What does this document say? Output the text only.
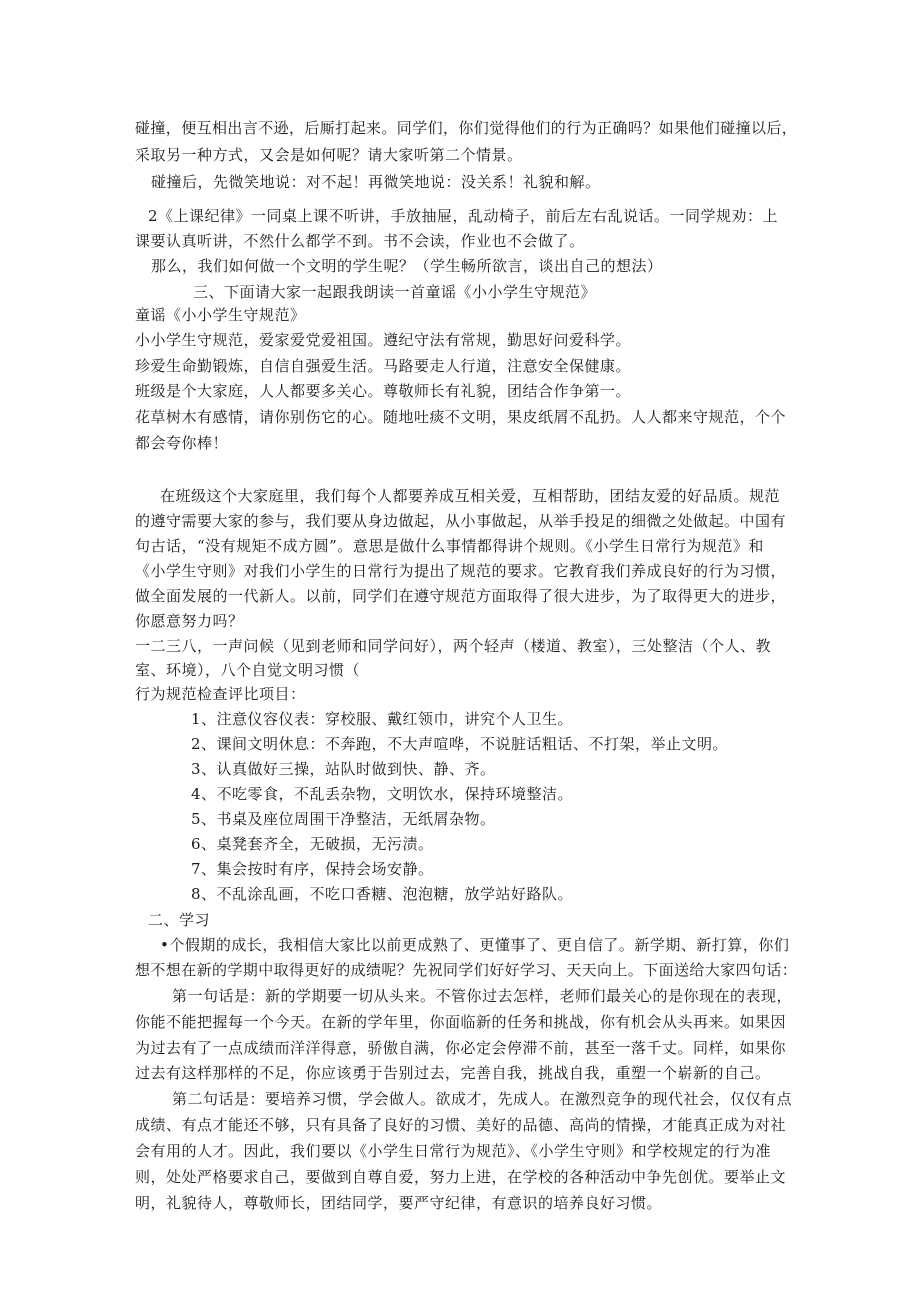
碰撞，便互相出言不逊，后厮打起来。同学们，你们觉得他们的行为正确吗？如果他们碰撞以后，
采取另一种方式，又会是如何呢？请大家听第二个情景。
碰撞后，先微笑地说：对不起！再微笑地说：没关系！礼貌和解。
2《上课纪律》一同桌上课不听讲，手放抽屉，乱动椅子，前后左右乱说话。一同学规劝：上
课要认真听讲，不然什么都学不到。书不会读，作业也不会做了。
那么，我们如何做一个文明的学生呢？（学生畅所欲言，谈出自己的想法）
三、下面请大家一起跟我朗读一首童谣《小小学生守规范》
童谣《小小学生守规范》
小小学生守规范，爱家爱党爱祖国。遵纪守法有常规，勤思好问爱科学。
珍爱生命勤锻炼，自信自强爱生活。马路要走人行道，注意安全保健康。
班级是个大家庭，人人都要多关心。尊敬师长有礼貌，团结合作争第一。
花草树木有感情，请你别伤它的心。随地吐痰不文明，果皮纸屑不乱扔。人人都来守规范，个个
都会夸你棒！
在班级这个大家庭里，我们每个人都要养成互相关爱，互相帮助，团结友爱的好品质。规范
的遵守需要大家的参与，我们要从身边做起，从小事做起，从举手投足的细微之处做起。中国有
句古话，“没有规矩不成方圆”。意思是做什么事情都得讲个规则。《小学生日常行为规范》和
《小学生守则》对我们小学生的日常行为提出了规范的要求。它教育我们养成良好的行为习惯，
做全面发展的一代新人。以前，同学们在遵守规范方面取得了很大进步，为了取得更大的进步，
你愿意努力吗？
一二三八，一声问候（见到老师和同学问好），两个轻声（楼道、教室），三处整洁（个人、教
室、环境），八个自觉文明习惯（
行为规范检查评比项目：
1、注意仪容仪表：穿校服、戴红领巾，讲究个人卫生。
2、课间文明休息：不奔跑，不大声喧哗，不说脏话粗话、不打架，举止文明。
3、认真做好三操，站队时做到快、静、齐。
4、不吃零食，不乱丢杂物，文明饮水，保持环境整洁。
5、书桌及座位周围干净整洁，无纸屑杂物。
6、桌凳套齐全，无破损，无污渍。
7、集会按时有序，保持会场安静。
8、不乱涂乱画，不吃口香糖、泡泡糖，放学站好路队。
二、学习
•个假期的成长，我相信大家比以前更成熟了、更懂事了、更自信了。新学期、新打算，你们
想不想在新的学期中取得更好的成绩呢？先祝同学们好好学习、天天向上。下面送给大家四句话：
第一句话是：新的学期要一切从头来。不管你过去怎样，老师们最关心的是你现在的表现，
你能不能把握每一个今天。在新的学年里，你面临新的任务和挑战，你有机会从头再来。如果因
为过去有了一点成绩而洋洋得意，骄傲自满，你必定会停滞不前，甚至一落千丈。同样，如果你
过去有这样那样的不足，你应该勇于告别过去，完善自我，挑战自我，重塑一个崭新的自己。
第二句话是：要培养习惯，学会做人。欲成才，先成人。在激烈竞争的现代社会，仅仅有点
成绩、有点才能还不够，只有具备了良好的习惯、美好的品德、高尚的情操，才能真正成为对社
会有用的人才。因此，我们要以《小学生日常行为规范》、《小学生守则》和学校规定的行为准
则，处处严格要求自己，要做到自尊自爱，努力上进，在学校的各种活动中争先创优。要举止文
明，礼貌待人，尊敬师长，团结同学，要严守纪律，有意识的培养良好习惯。
